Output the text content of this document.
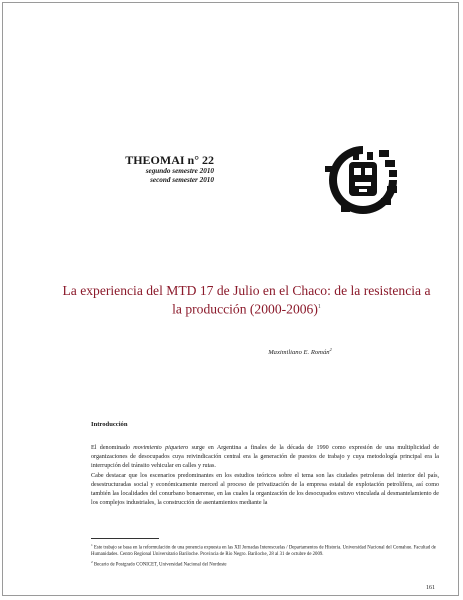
THEOMAI n° 22
segundo semestre 2010
second semester 2010
La experiencia del MTD 17 de Julio en el Chaco: de la resistencia a la producción (2000-2006)$^1$
Maximiliano E. Román$^2$
Introducción

El denominado movimiento piquetero surge en Argentina a finales de la década de 1990 como expresión de una multiplicidad de organizaciones de desocupados cuya reivindicación central era la generación de puestos de trabajo y cuya metodología principal era la interrupción del tránsito vehicular en calles y rutas.

Cabe destacar que los escenarios predominantes en los estudios teóricos sobre el tema son las ciudades petroleras del interior del país, desestructuradas social y económicamente merced al proceso de privatización de la empresa estatal de explotación petrolífera, así como también las localidades del conurbano bonaerense, en las cuales la organización de los desocupados estuvo vinculada al desmantelamiento de los complejos industriales, la construcción de asentamientos mediante la

$^1$ Este trabajo se basa en la reformulación de una ponencia expuesta en las XII Jornadas Interescuelas / Departamentos de Historia. Universidad Nacional del Comahue. Facultad de Humanidades. Centro Regional Universitario Bariloche. Provincia de Río Negro. Bariloche, 28 al 31 de octubre de 2009.

$^2$ Becario de Postgrado CONICET, Universidad Nacional del Nordeste

161
